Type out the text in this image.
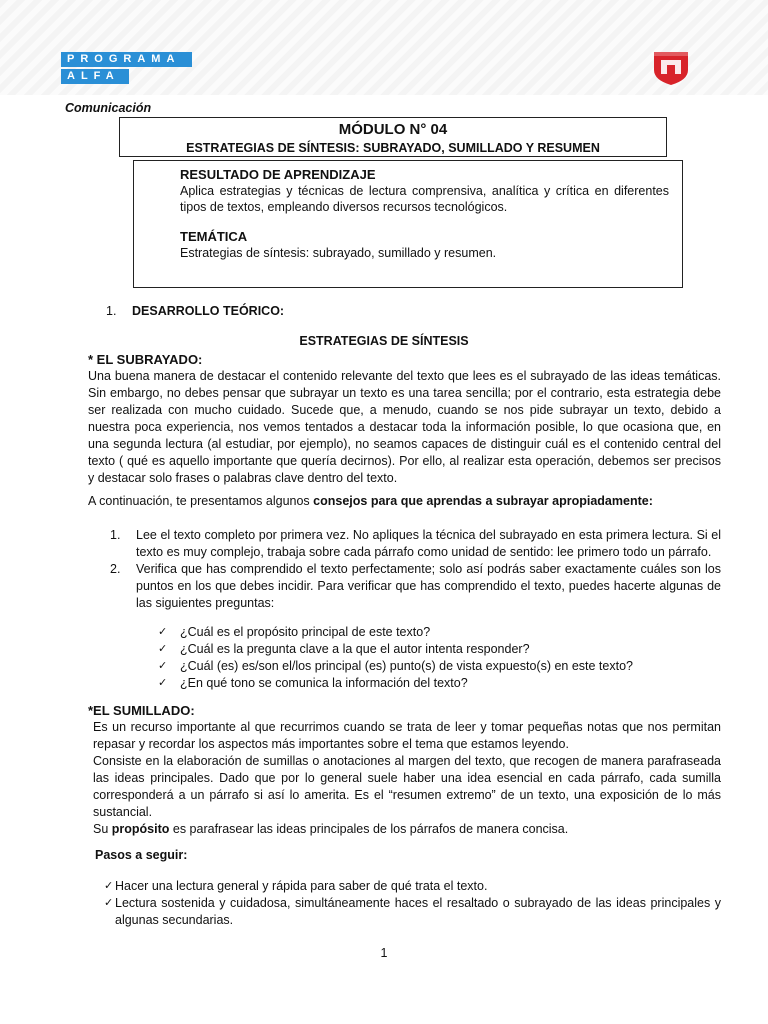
PROGRAMA
ALFA
Comunicación
MÓDULO N° 04
ESTRATEGIAS DE SÍNTESIS: SUBRAYADO, SUMILLADO Y RESUMEN
RESULTADO DE APRENDIZAJE
Aplica estrategias y técnicas de lectura comprensiva, analítica y crítica en diferentes tipos de textos, empleando diversos recursos tecnológicos.
TEMÁTICA
Estrategias de síntesis: subrayado, sumillado y resumen.
1. DESARROLLO TEÓRICO:
ESTRATEGIAS DE SÍNTESIS
* EL SUBRAYADO:
Una buena manera de destacar el contenido relevante del texto que lees es el subrayado de las ideas temáticas. Sin embargo, no debes pensar que subrayar un texto es una tarea sencilla; por el contrario, esta estrategia debe ser realizada con mucho cuidado. Sucede que, a menudo, cuando se nos pide subrayar un texto, debido a nuestra poca experiencia, nos vemos tentados a destacar toda la información posible, lo que ocasiona que, en una segunda lectura (al estudiar, por ejemplo), no seamos capaces de distinguir cuál es el contenido central del texto ( qué es aquello importante que quería decirnos). Por ello, al realizar esta operación, debemos ser precisos y destacar solo frases o palabras clave dentro del texto.
A continuación, te presentamos algunos consejos para que aprendas a subrayar apropiadamente:
1. Lee el texto completo por primera vez. No apliques la técnica del subrayado en esta primera lectura. Si el texto es muy complejo, trabaja sobre cada párrafo como unidad de sentido: lee primero todo un párrafo.
2. Verifica que has comprendido el texto perfectamente; solo así podrás saber exactamente cuáles son los puntos en los que debes incidir. Para verificar que has comprendido el texto, puedes hacerte algunas de las siguientes preguntas:
✓ ¿Cuál es el propósito principal de este texto?
✓ ¿Cuál es la pregunta clave a la que el autor intenta responder?
✓ ¿Cuál (es) es/son el/los principal (es) punto(s) de vista expuesto(s) en este texto?
✓ ¿En qué tono se comunica la información del texto?
*EL SUMILLADO:
Es un recurso importante al que recurrimos cuando se trata de leer y tomar pequeñas notas que nos permitan repasar y recordar los aspectos más importantes sobre el tema que estamos leyendo.
Consiste en la elaboración de sumillas o anotaciones al margen del texto, que recogen de manera parafraseada las ideas principales. Dado que por lo general suele haber una idea esencial en cada párrafo, cada sumilla corresponderá a un párrafo si así lo amerita. Es el “resumen extremo” de un texto, una exposición de lo más sustancial.
Su propósito es parafrasear las ideas principales de los párrafos de manera concisa.
Pasos a seguir:
✓ Hacer una lectura general y rápida para saber de qué trata el texto.
✓ Lectura sostenida y cuidadosa, simultáneamente haces el resaltado o subrayado de las ideas principales y algunas secundarias.
1
